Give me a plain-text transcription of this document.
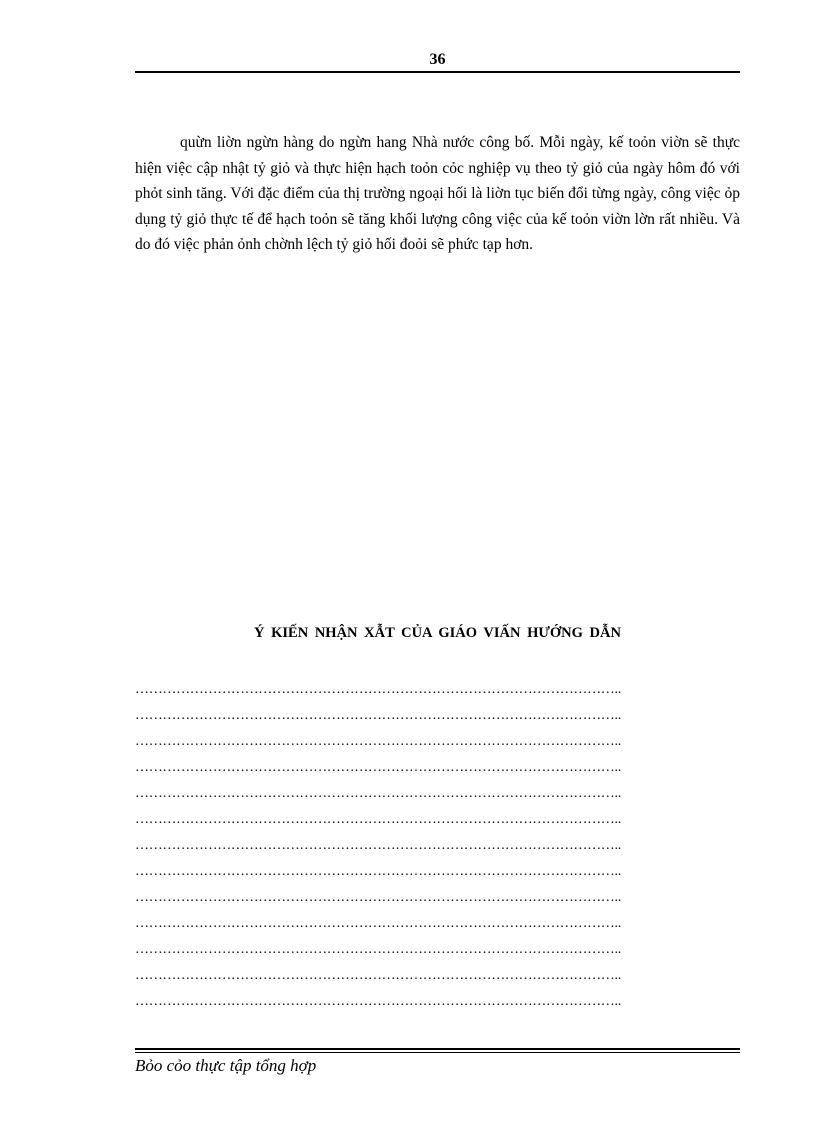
36

quừn liờn ngừn hàng do ngừn hang Nhà nước công bố. Mỗi ngày, kế toỏn viờn sẽ thực hiện việc cập nhật tỷ giỏ và thực hiện hạch toỏn cỏc nghiệp vụ theo tỷ giỏ của ngày hôm đó với phỏt sinh tăng. Với đặc điểm của thị trường ngoại hối là liờn tục biến đổi từng ngày, công việc ỏp dụng tỷ giỏ thực tế để hạch toỏn sẽ tăng khối lượng công việc của kế toỏn viờn lờn rất nhiều. Và do đó việc phản ỏnh chờnh lệch tỷ giỏ hối đoỏi sẽ phức tạp hơn.

Ý KIẾN NHẬN XẪT CỦA GIÁO VIẤN HƯỚNG DẪN
……………………………………………………………………………………………..
……………………………………………………………………………………………..
……………………………………………………………………………………………..
……………………………………………………………………………………………..
……………………………………………………………………………………………..
……………………………………………………………………………………………..
……………………………………………………………………………………………..
……………………………………………………………………………………………..
……………………………………………………………………………………………..
……………………………………………………………………………………………..
……………………………………………………………………………………………..
……………………………………………………………………………………………..
……………………………………………………………………………………………..
Bỏo cỏo thực tập tổng hợp
